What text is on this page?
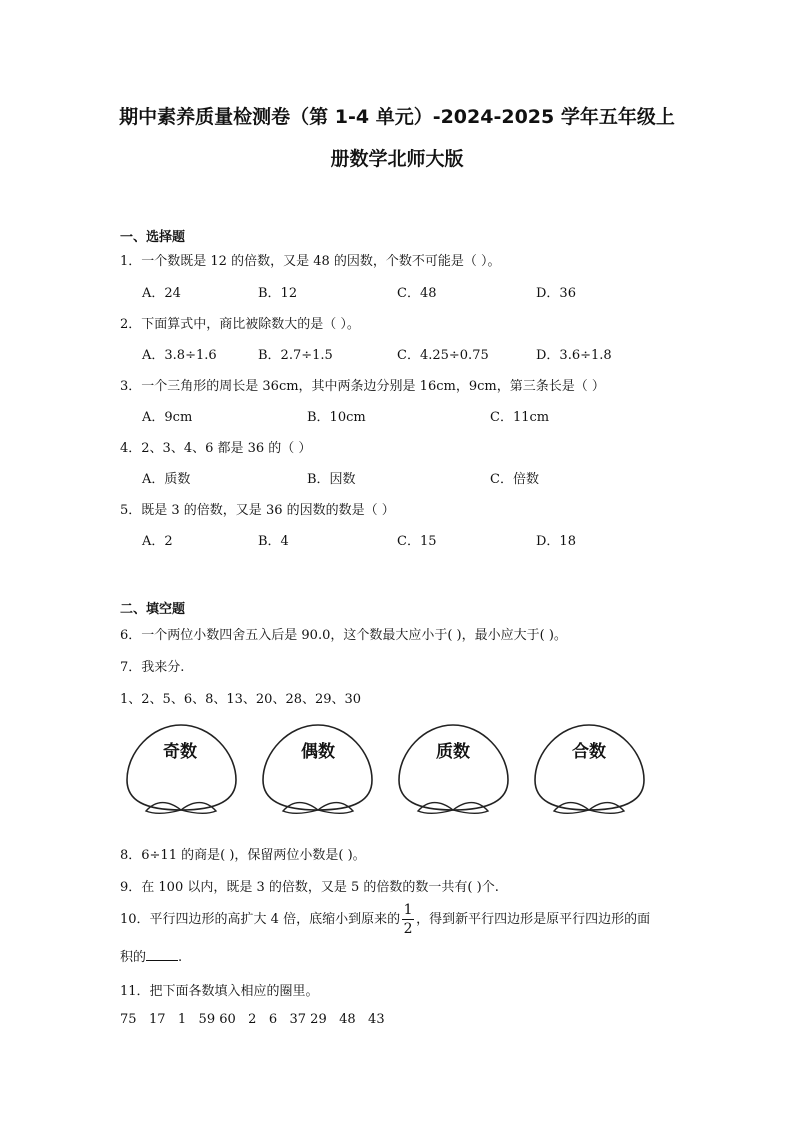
期中素养质量检测卷（第 1-4 单元）-2024-2025 学年五年级上
册数学北师大版
一、选择题
1．一个数既是 12 的倍数，又是 48 的因数，个数不可能是（ ）。
A．24	B．12	C．48	D．36
2．下面算式中，商比被除数大的是（ ）。
A．3.8÷1.6	B．2.7÷1.5	C．4.25÷0.75	D．3.6÷1.8
3．一个三角形的周长是 36cm，其中两条边分别是 16cm，9cm，第三条长是（ ）
A．9cm	B．10cm	C．11cm
4．2、3、4、6 都是 36 的（ ）
A．质数	B．因数	C．倍数
5．既是 3 的倍数，又是 36 的因数的数是（ ）
A．2	B．4	C．15	D．18
二、填空题
6．一个两位小数四舍五入后是 90.0，这个数最大应小于( )，最小应大于( )。
7．我来分.
1、2、5、6、8、13、20、28、29、30
奇数	偶数	质数	合数
8．6÷11 的商是( )，保留两位小数是( )。
9．在 100 以内，既是 3 的倍数，又是 5 的倍数的数一共有( )个.
10．平行四边形的高扩大 4 倍，底缩小到原来的 $\frac{1}{2}$ ，得到新平行四边形是原平行四边形的面
积的 .
11．把下面各数填入相应的圈里。
75   17   1   59 60   2   6   37 29   48   43
